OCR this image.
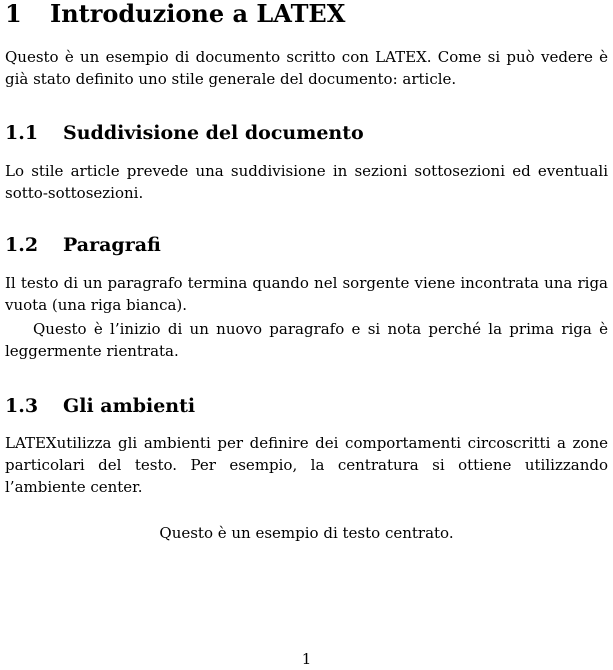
1 Introduzione a LATEX

Questo è un esempio di documento scritto con LATEX. Come si può vedere è già stato definito uno stile generale del documento: article.

1.1 Suddivisione del documento

Lo stile article prevede una suddivisione in sezioni sottosezioni ed eventuali sotto-sottosezioni.

1.2 Paragrafi

Il testo di un paragrafo termina quando nel sorgente viene incontrata una riga vuota (una riga bianca).

Questo è l’inizio di un nuovo paragrafo e si nota perché la prima riga è leggermente rientrata.

1.3 Gli ambienti

LATEXutilizza gli ambienti per definire dei comportamenti circoscritti a zone particolari del testo. Per esempio, la centratura si ottiene utilizzando l’ambiente center.

Questo è un esempio di testo centrato.

1
